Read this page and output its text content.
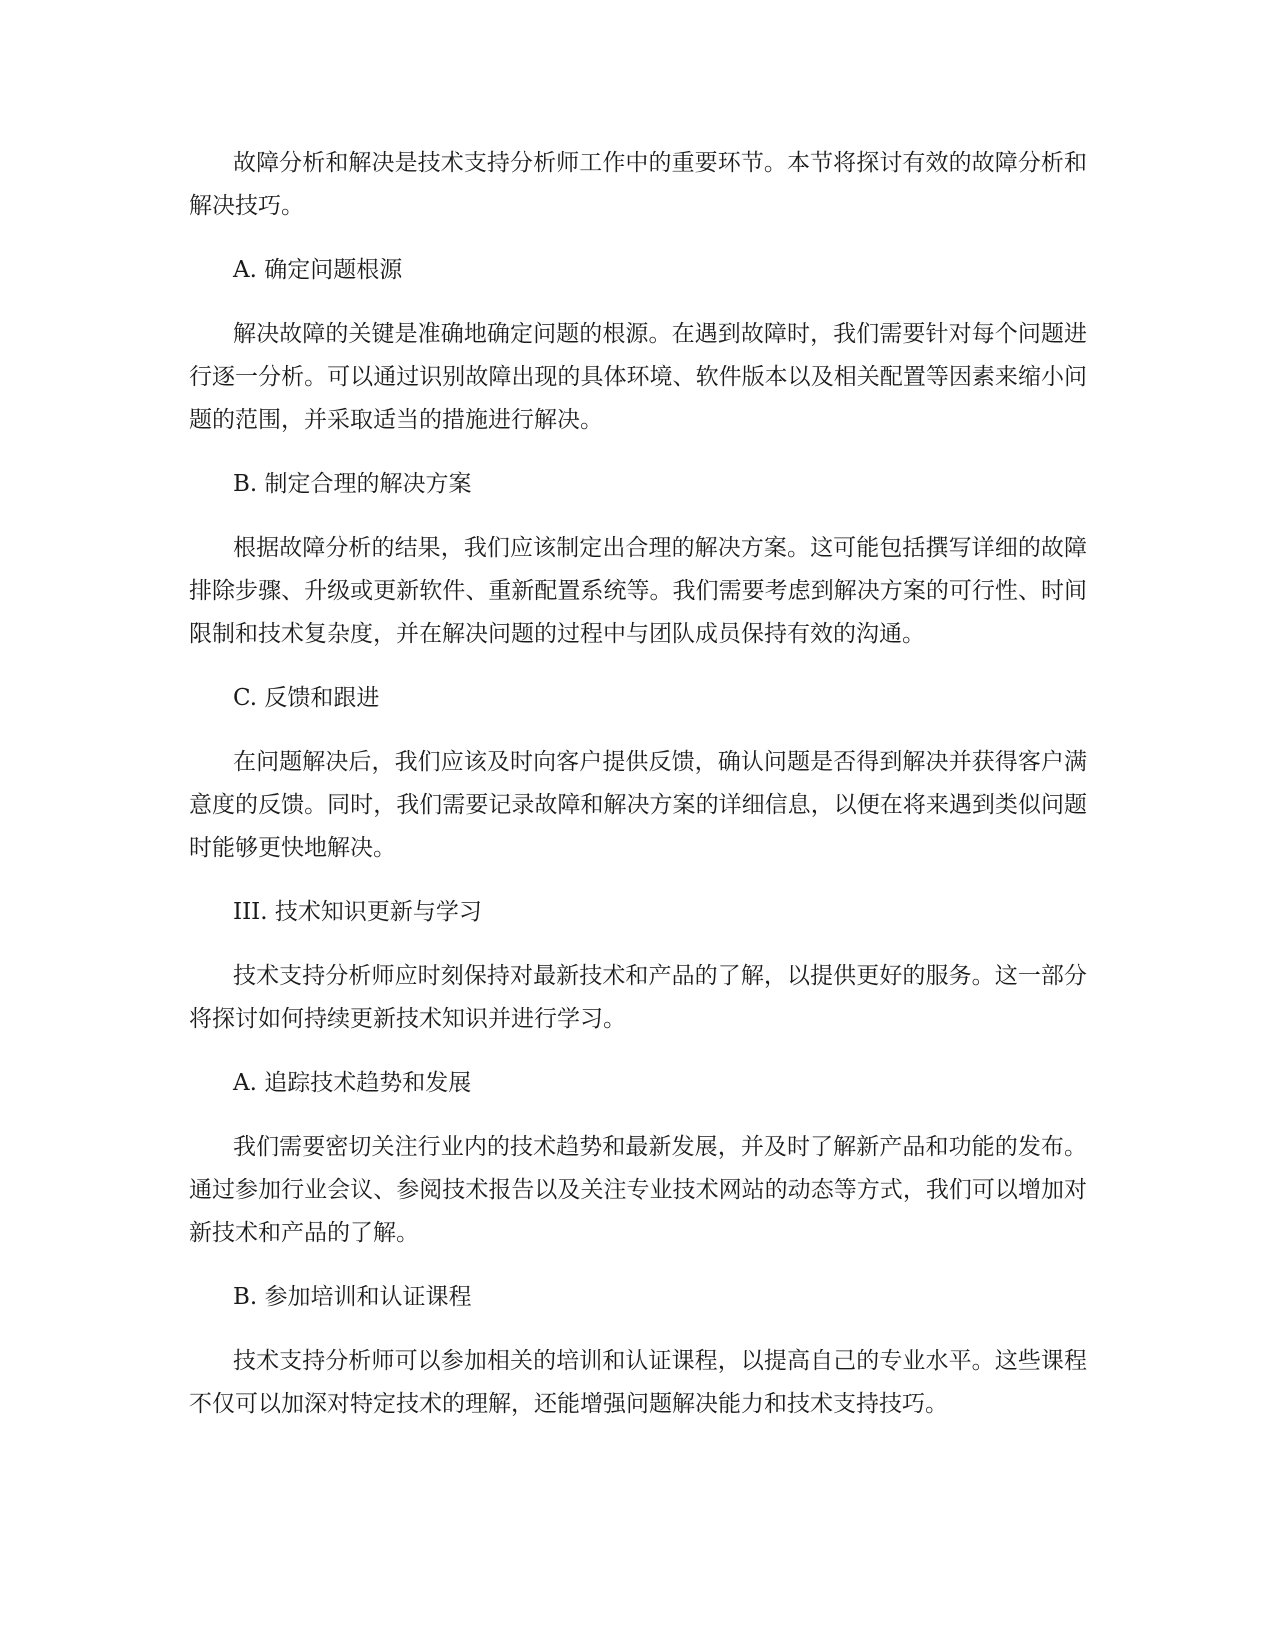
故障分析和解决是技术支持分析师工作中的重要环节。本节将探讨有效的故障分析和解决技巧。

A. 确定问题根源

解决故障的关键是准确地确定问题的根源。在遇到故障时，我们需要针对每个问题进行逐一分析。可以通过识别故障出现的具体环境、软件版本以及相关配置等因素来缩小问题的范围，并采取适当的措施进行解决。

B. 制定合理的解决方案

根据故障分析的结果，我们应该制定出合理的解决方案。这可能包括撰写详细的故障排除步骤、升级或更新软件、重新配置系统等。我们需要考虑到解决方案的可行性、时间限制和技术复杂度，并在解决问题的过程中与团队成员保持有效的沟通。

C. 反馈和跟进

在问题解决后，我们应该及时向客户提供反馈，确认问题是否得到解决并获得客户满意度的反馈。同时，我们需要记录故障和解决方案的详细信息，以便在将来遇到类似问题时能够更快地解决。

III. 技术知识更新与学习

技术支持分析师应时刻保持对最新技术和产品的了解，以提供更好的服务。这一部分将探讨如何持续更新技术知识并进行学习。

A. 追踪技术趋势和发展

我们需要密切关注行业内的技术趋势和最新发展，并及时了解新产品和功能的发布。通过参加行业会议、参阅技术报告以及关注专业技术网站的动态等方式，我们可以增加对新技术和产品的了解。

B. 参加培训和认证课程

技术支持分析师可以参加相关的培训和认证课程，以提高自己的专业水平。这些课程不仅可以加深对特定技术的理解，还能增强问题解决能力和技术支持技巧。
